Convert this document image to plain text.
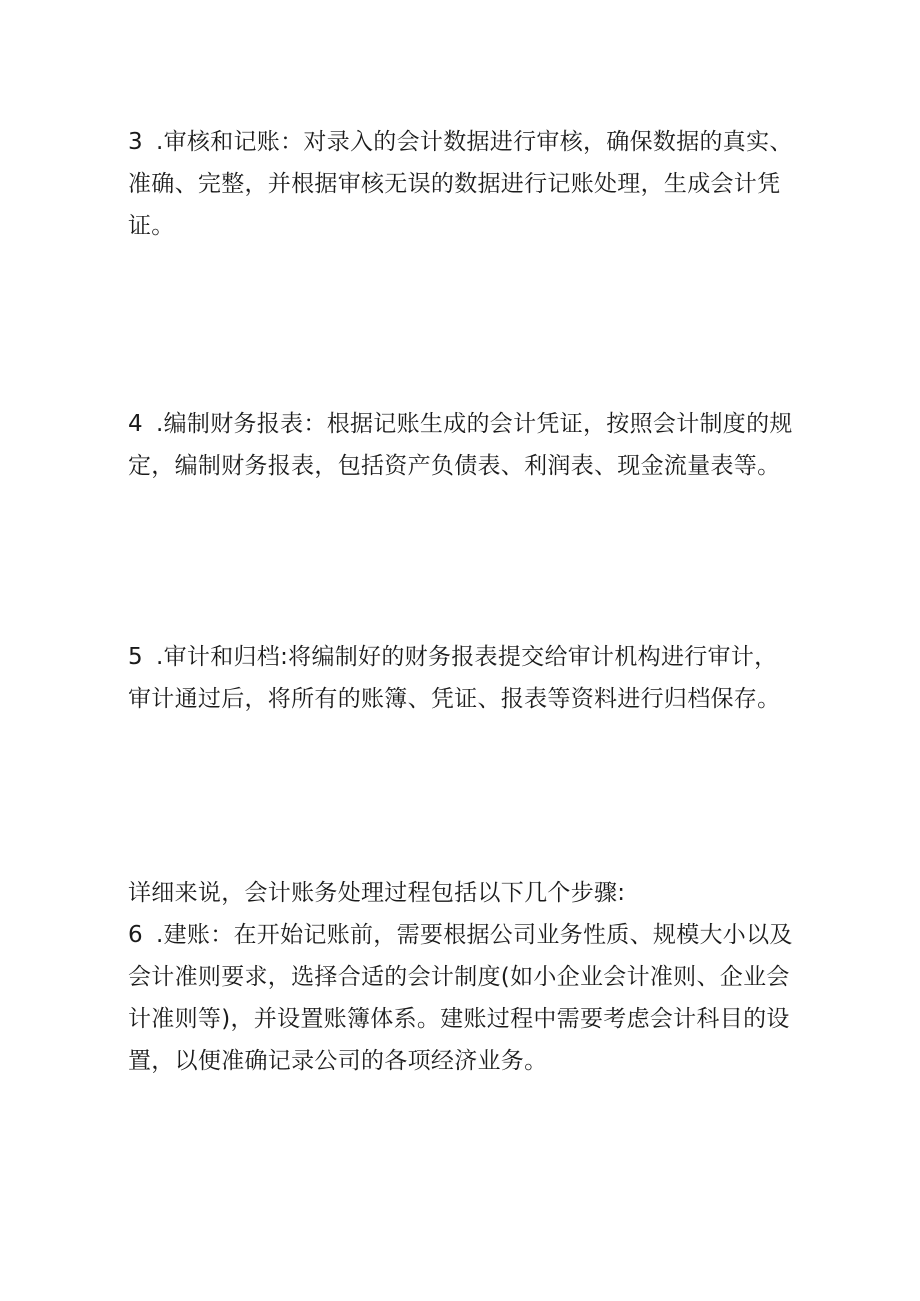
3 .审核和记账：对录入的会计数据进行审核，确保数据的真实、
准确、完整，并根据审核无误的数据进行记账处理，生成会计凭
证。

4 .编制财务报表：根据记账生成的会计凭证，按照会计制度的规
定，编制财务报表，包括资产负债表、利润表、现金流量表等。

5 .审计和归档:将编制好的财务报表提交给审计机构进行审计，
审计通过后，将所有的账簿、凭证、报表等资料进行归档保存。

详细来说，会计账务处理过程包括以下几个步骤:
6 .建账：在开始记账前，需要根据公司业务性质、规模大小以及
会计准则要求，选择合适的会计制度(如小企业会计准则、企业会
计准则等)，并设置账簿体系。建账过程中需要考虑会计科目的设
置，以便准确记录公司的各项经济业务。
